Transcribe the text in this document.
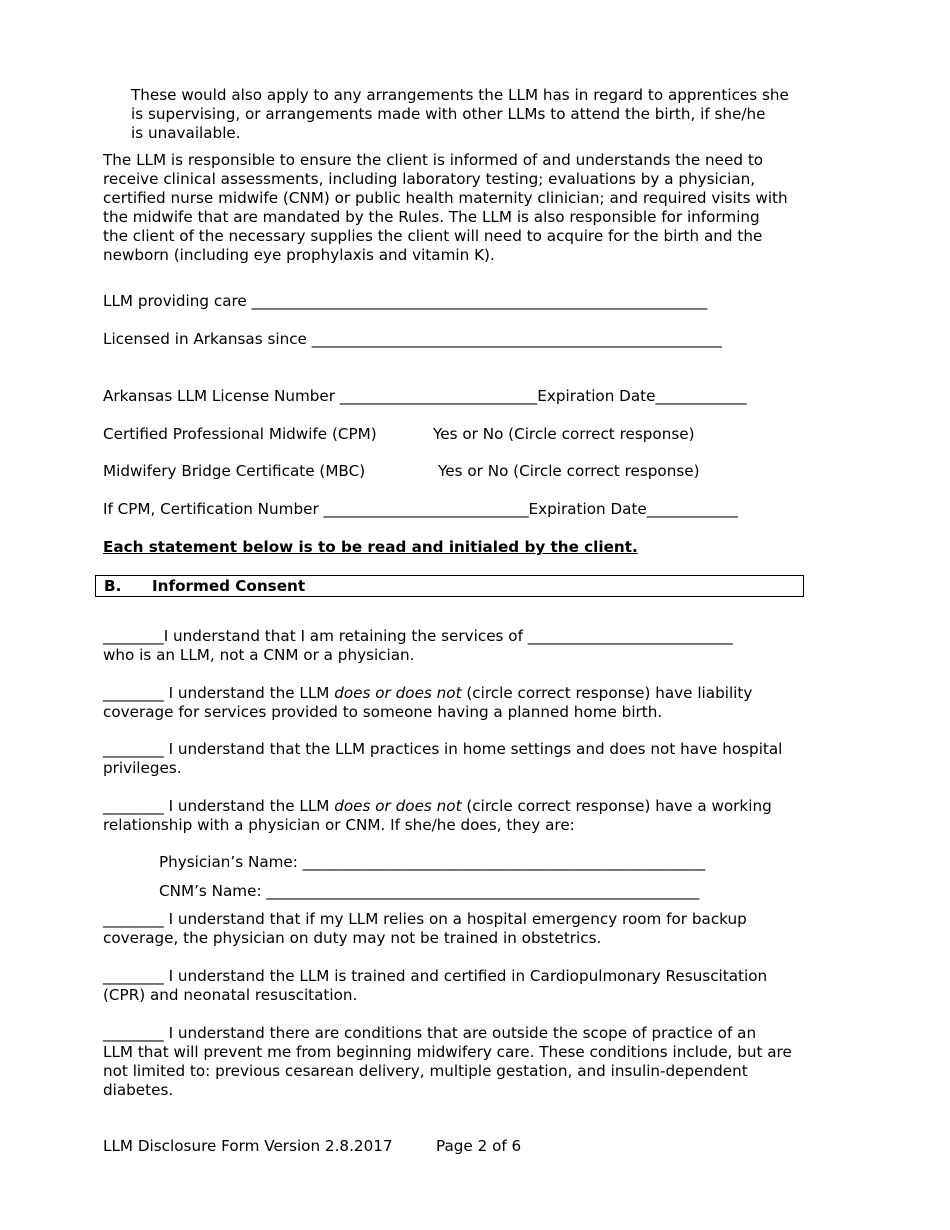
These would also apply to any arrangements the LLM has in regard to apprentices she
is supervising, or arrangements made with other LLMs to attend the birth, if she/he
is unavailable.
The LLM is responsible to ensure the client is informed of and understands the need to
receive clinical assessments, including laboratory testing; evaluations by a physician,
certified nurse midwife (CNM) or public health maternity clinician; and required visits with
the midwife that are mandated by the Rules. The LLM is also responsible for informing
the client of the necessary supplies the client will need to acquire for the birth and the
newborn (including eye prophylaxis and vitamin K).
LLM providing care ____________________________________________________________
Licensed in Arkansas since ______________________________________________________
Arkansas LLM License Number __________________________Expiration Date____________
Certified Professional Midwife (CPM)	Yes or No (Circle correct response)
Midwifery Bridge Certificate (MBC)	Yes or No (Circle correct response)
If CPM, Certification Number ___________________________Expiration Date____________
Each statement below is to be read and initialed by the client.
B. Informed Consent
________I understand that I am retaining the services of ___________________________
who is an LLM, not a CNM or a physician.
________ I understand the LLM does or does not (circle correct response) have liability
coverage for services provided to someone having a planned home birth.
________ I understand that the LLM practices in home settings and does not have hospital
privileges.
________ I understand the LLM does or does not (circle correct response) have a working
relationship with a physician or CNM. If she/he does, they are:
Physician’s Name: _____________________________________________________
CNM’s Name: _________________________________________________________
________ I understand that if my LLM relies on a hospital emergency room for backup
coverage, the physician on duty may not be trained in obstetrics.
________ I understand the LLM is trained and certified in Cardiopulmonary Resuscitation
(CPR) and neonatal resuscitation.
________ I understand there are conditions that are outside the scope of practice of an
LLM that will prevent me from beginning midwifery care. These conditions include, but are
not limited to: previous cesarean delivery, multiple gestation, and insulin-dependent
diabetes.
LLM Disclosure Form Version 2.8.2017	Page 2 of 6
